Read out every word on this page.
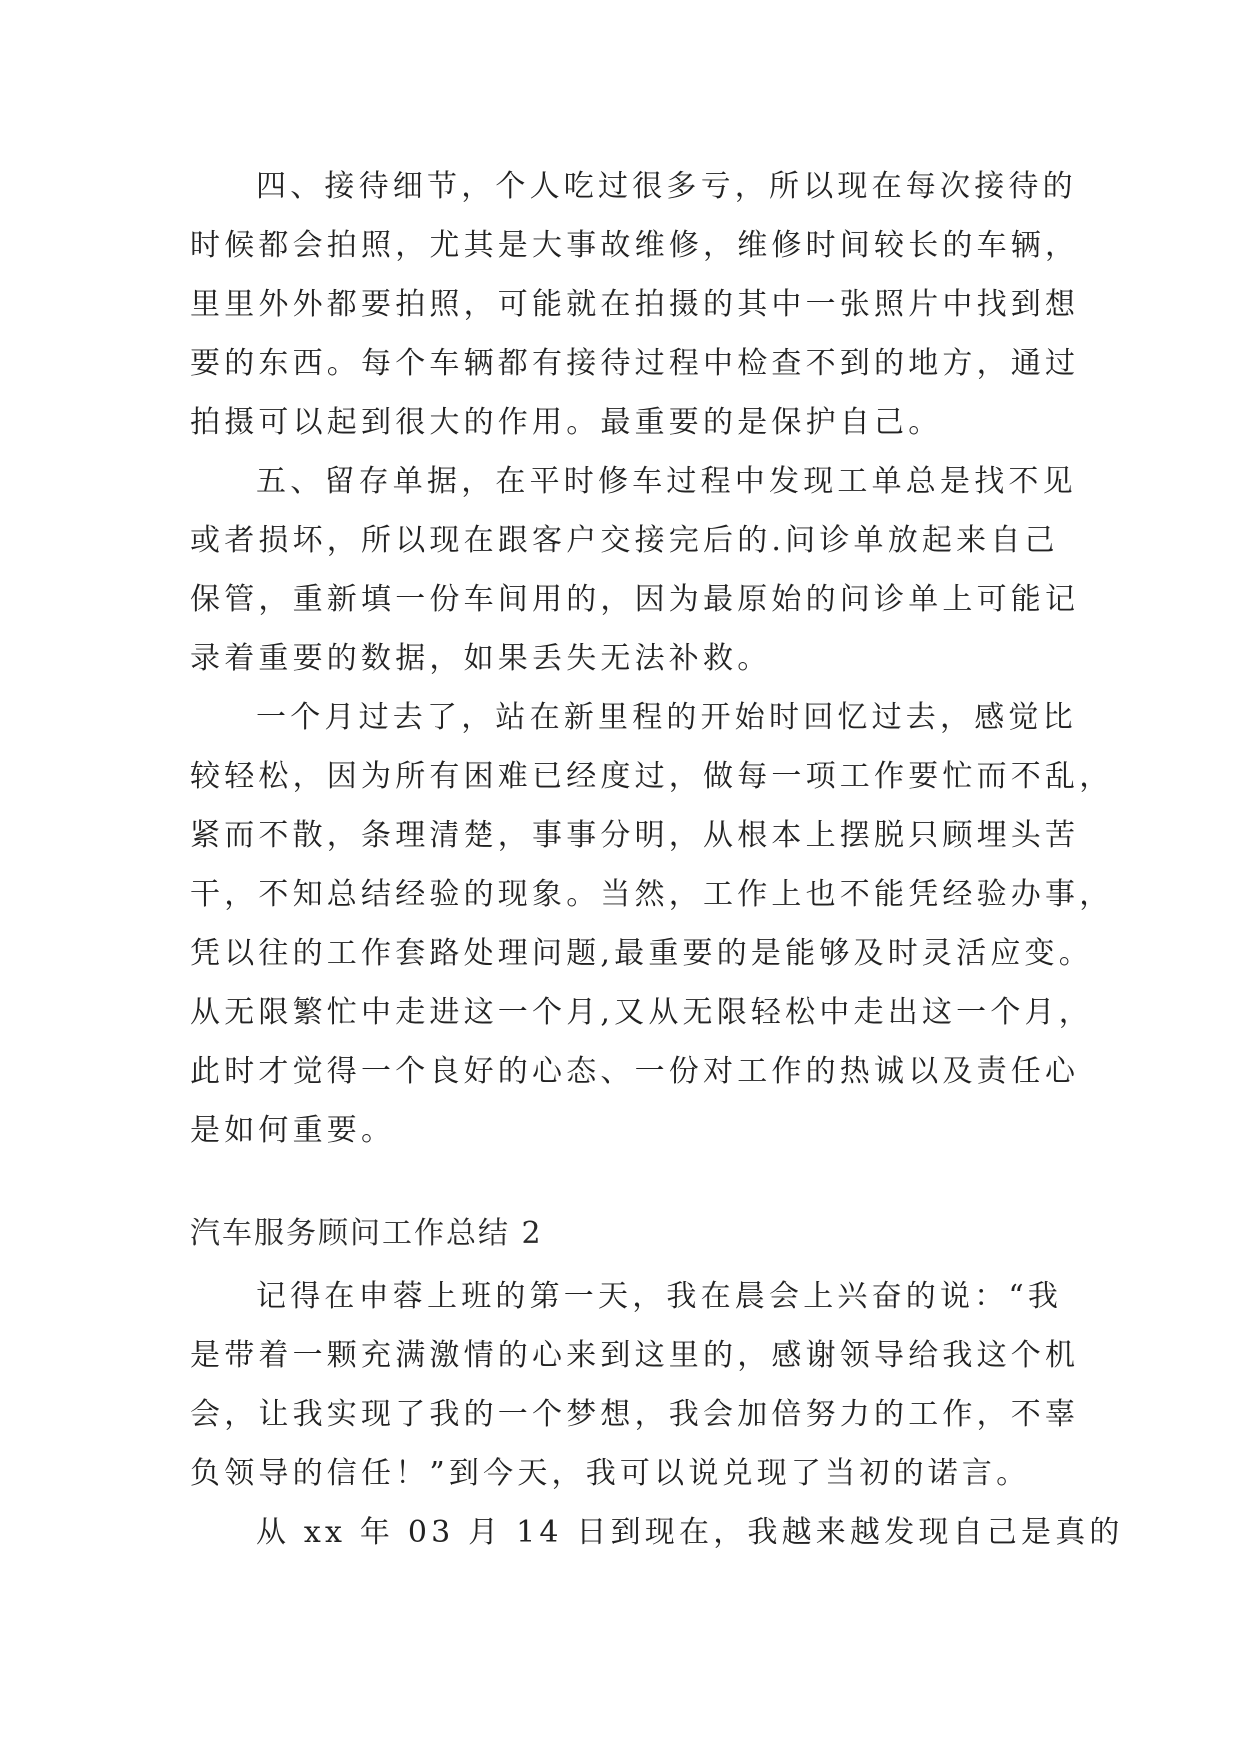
四、接待细节，个人吃过很多亏，所以现在每次接待的
时候都会拍照，尤其是大事故维修，维修时间较长的车辆，
里里外外都要拍照，可能就在拍摄的其中一张照片中找到想
要的东西。每个车辆都有接待过程中检查不到的地方，通过
拍摄可以起到很大的作用。最重要的是保护自己。
五、留存单据，在平时修车过程中发现工单总是找不见
或者损坏，所以现在跟客户交接完后的.问诊单放起来自己
保管，重新填一份车间用的，因为最原始的问诊单上可能记
录着重要的数据，如果丢失无法补救。
一个月过去了，站在新里程的开始时回忆过去，感觉比
较轻松，因为所有困难已经度过，做每一项工作要忙而不乱，
紧而不散，条理清楚，事事分明，从根本上摆脱只顾埋头苦
干，不知总结经验的现象。当然，工作上也不能凭经验办事，
凭以往的工作套路处理问题,最重要的是能够及时灵活应变。
从无限繁忙中走进这一个月,又从无限轻松中走出这一个月，
此时才觉得一个良好的心态、一份对工作的热诚以及责任心
是如何重要。
汽车服务顾问工作总结 2
记得在申蓉上班的第一天，我在晨会上兴奋的说：“我
是带着一颗充满激情的心来到这里的，感谢领导给我这个机
会，让我实现了我的一个梦想，我会加倍努力的工作，不辜
负领导的信任！”到今天，我可以说兑现了当初的诺言。
从 xx 年 03 月 14 日到现在，我越来越发现自己是真的
